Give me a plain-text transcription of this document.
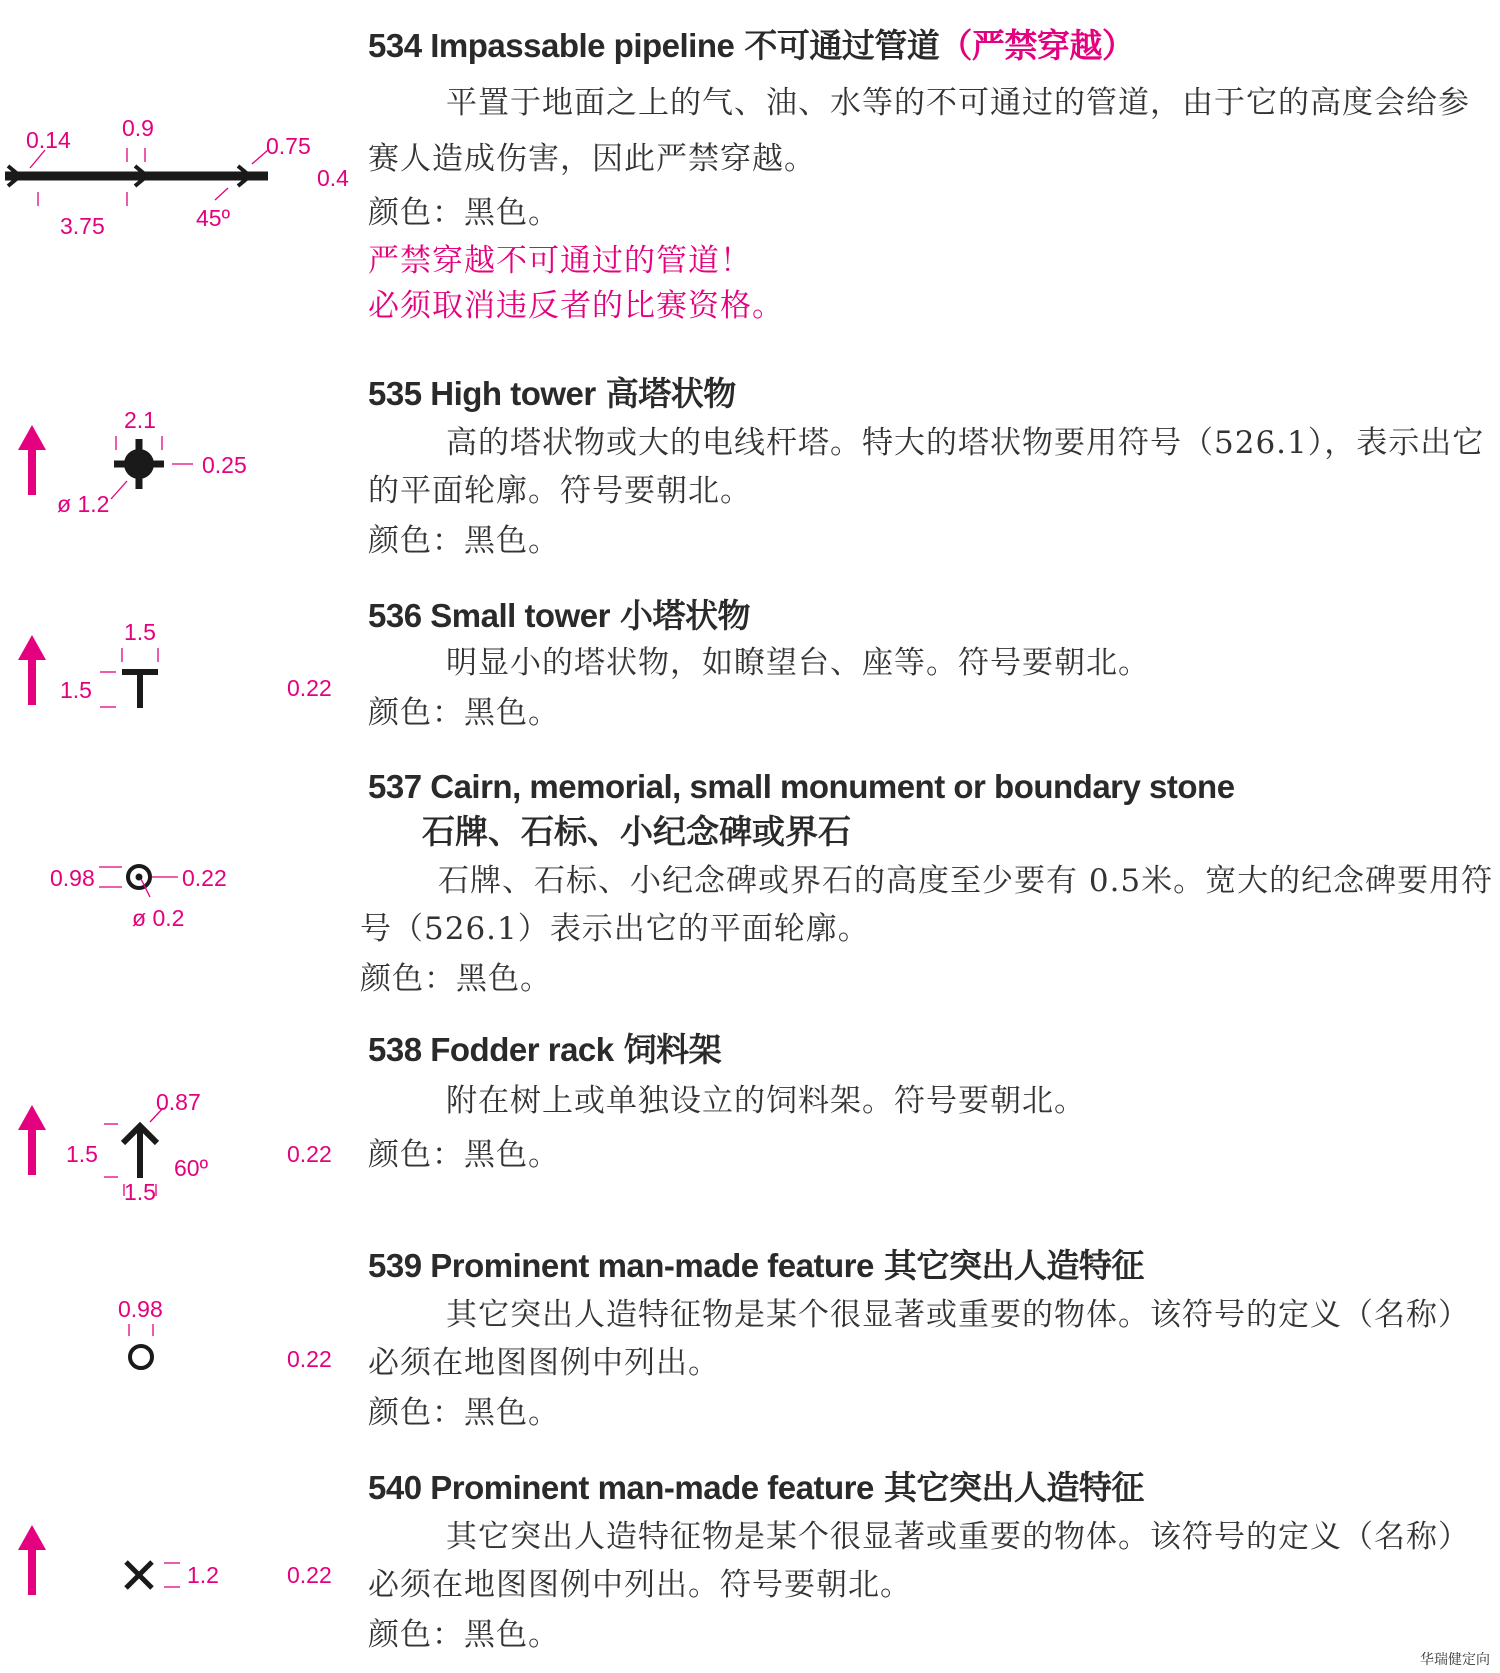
0.14 0.9
0.75
0.4
3.75	45º
534 Impassable pipeline 不可通过管道（严禁穿越）
平置于地面之上的气、油、水等的不可通过的管道，由于它的高度会给参赛人造成伤害，因此严禁穿越。
颜色：黑色。
严禁穿越不可通过的管道！
必须取消违反者的比赛资格。
2.1
0.25
ø 1.2
535 High tower 高塔状物
高的塔状物或大的电线杆塔。特大的塔状物要用符号（526.1），表示出它的平面轮廓。符号要朝北。
颜色：黑色。
1.5
1.5	0.22
536 Small tower 小塔状物
明显小的塔状物，如瞭望台、座等。符号要朝北。
颜色：黑色。
0.98	0.22
ø 0.2
537 Cairn, memorial, small monument or boundary stone
石牌、石标、小纪念碑或界石
石牌、石标、小纪念碑或界石的高度至少要有 0.5米。宽大的纪念碑要用符号（526.1）表示出它的平面轮廓。
颜色：黑色。
0.87
1.5
60º
1.5
0.22
538 Fodder rack 饲料架
附在树上或单独设立的饲料架。符号要朝北。
颜色：黑色。
0.98
0.22
539 Prominent man-made feature 其它突出人造特征
其它突出人造特征物是某个很显著或重要的物体。该符号的定义（名称）必须在地图图例中列出。
颜色：黑色。
1.2	0.22
540 Prominent man-made feature 其它突出人造特征
其它突出人造特征物是某个很显著或重要的物体。该符号的定义（名称）必须在地图图例中列出。符号要朝北。
颜色：黑色。
华瑞健定向
